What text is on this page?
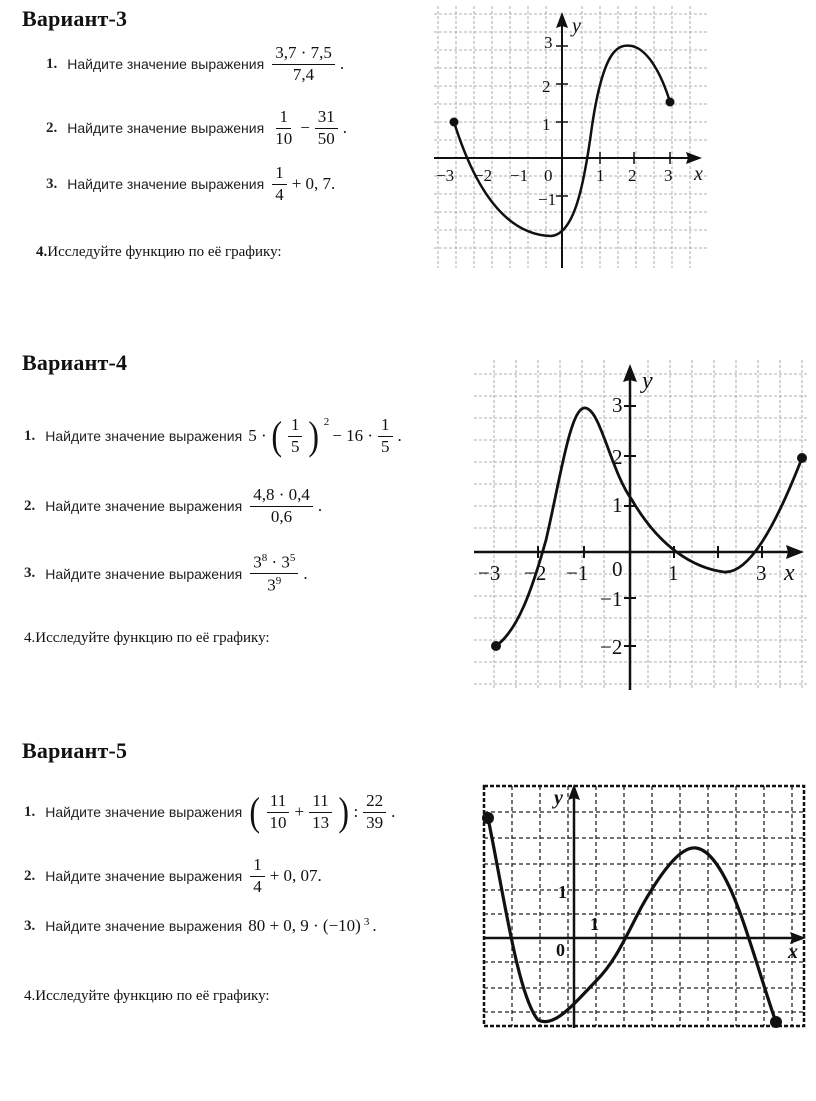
Вариант-3
1. Найдите значение выражения $\frac{3,7 \cdot 7,5}{7,4}$ .
2. Найдите значение выражения $\frac{1}{10} - \frac{31}{50}$ .
3. Найдите значение выражения $\frac{1}{4} + 0$, 7.
4.Исследуйте функцию по её графику:
3
2
1
−1
−3 −2 −1 0	1 2 3 x
y
Вариант-4
1. Найдите значение выражения 5 · ( $\frac{1}{5}$ ) $^2$
− $16 \cdot \frac{1}{5}$ .
2. Найдите значение выражения $\frac{4,8 \cdot 0,4}{0,6}$ .
3. Найдите значение выражения $\frac{3^8 \cdot 3^5}{3^9}$ .
4.Исследуйте функцию по её графику:
3
2
1
−1
−2
−3 −2 −1 0 1	3 x
y
Вариант-5
1. Найдите значение выражения ( $\frac{11}{10} + \frac{11}{13}$ ) : $\frac{22}{39}$ .
2. Найдите значение выражения $\frac{1}{4} + 0$, 07.
3. Найдите значение выражения 80 + 0, 9 · (−10) $^3$ .
4.Исследуйте функцию по её графику:
1
0
1
x
y
